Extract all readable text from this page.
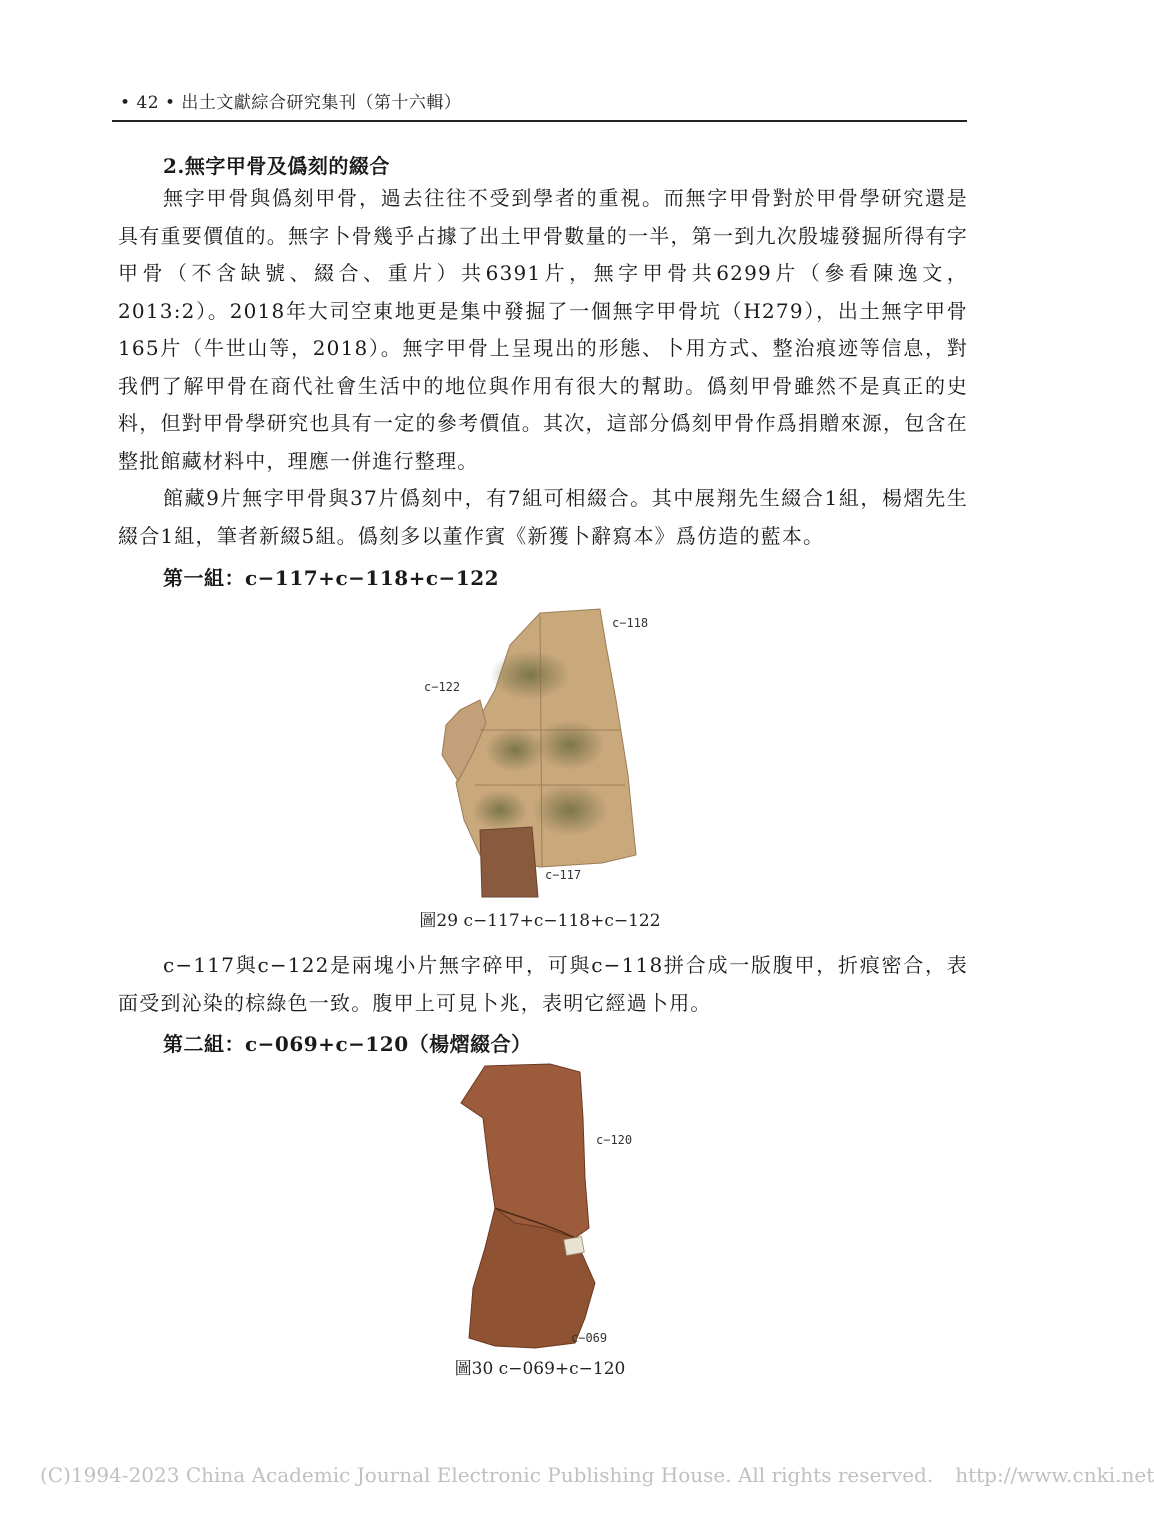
• 42 • 出土文獻綜合研究集刊（第十六輯）
2.無字甲骨及僞刻的綴合

無字甲骨與僞刻甲骨，過去往往不受到學者的重視。而無字甲骨對於甲骨學研究還是具有重要價值的。無字卜骨幾乎占據了出土甲骨數量的一半，第一到九次殷墟發掘所得有字甲骨（不含缺號、綴合、重片）共6391片，無字甲骨共6299片（參看陳逸文，2013:2）。2018年大司空東地更是集中發掘了一個無字甲骨坑（H279），出土無字甲骨165片（牛世山等，2018）。無字甲骨上呈現出的形態、卜用方式、整治痕迹等信息，對我們了解甲骨在商代社會生活中的地位與作用有很大的幫助。僞刻甲骨雖然不是真正的史料，但對甲骨學研究也具有一定的參考價值。其次，這部分僞刻甲骨作爲捐贈來源，包含在整批館藏材料中，理應一併進行整理。

館藏9片無字甲骨與37片僞刻中，有7組可相綴合。其中展翔先生綴合1組，楊熠先生綴合1組，筆者新綴5組。僞刻多以董作賓《新獲卜辭寫本》爲仿造的藍本。

第一組：c−117+c−118+c−122
c−118
c−122
c−117
圖29 c−117+c−118+c−122

c−117與c−122是兩塊小片無字碎甲，可與c−118拼合成一版腹甲，折痕密合，表面受到沁染的棕綠色一致。腹甲上可見卜兆，表明它經過卜用。

第二組：c−069+c−120（楊熠綴合）
c−120
c−069
圖30 c−069+c−120
(C)1994-2023 China Academic Journal Electronic Publishing House. All rights reserved. http://www.cnki.net
